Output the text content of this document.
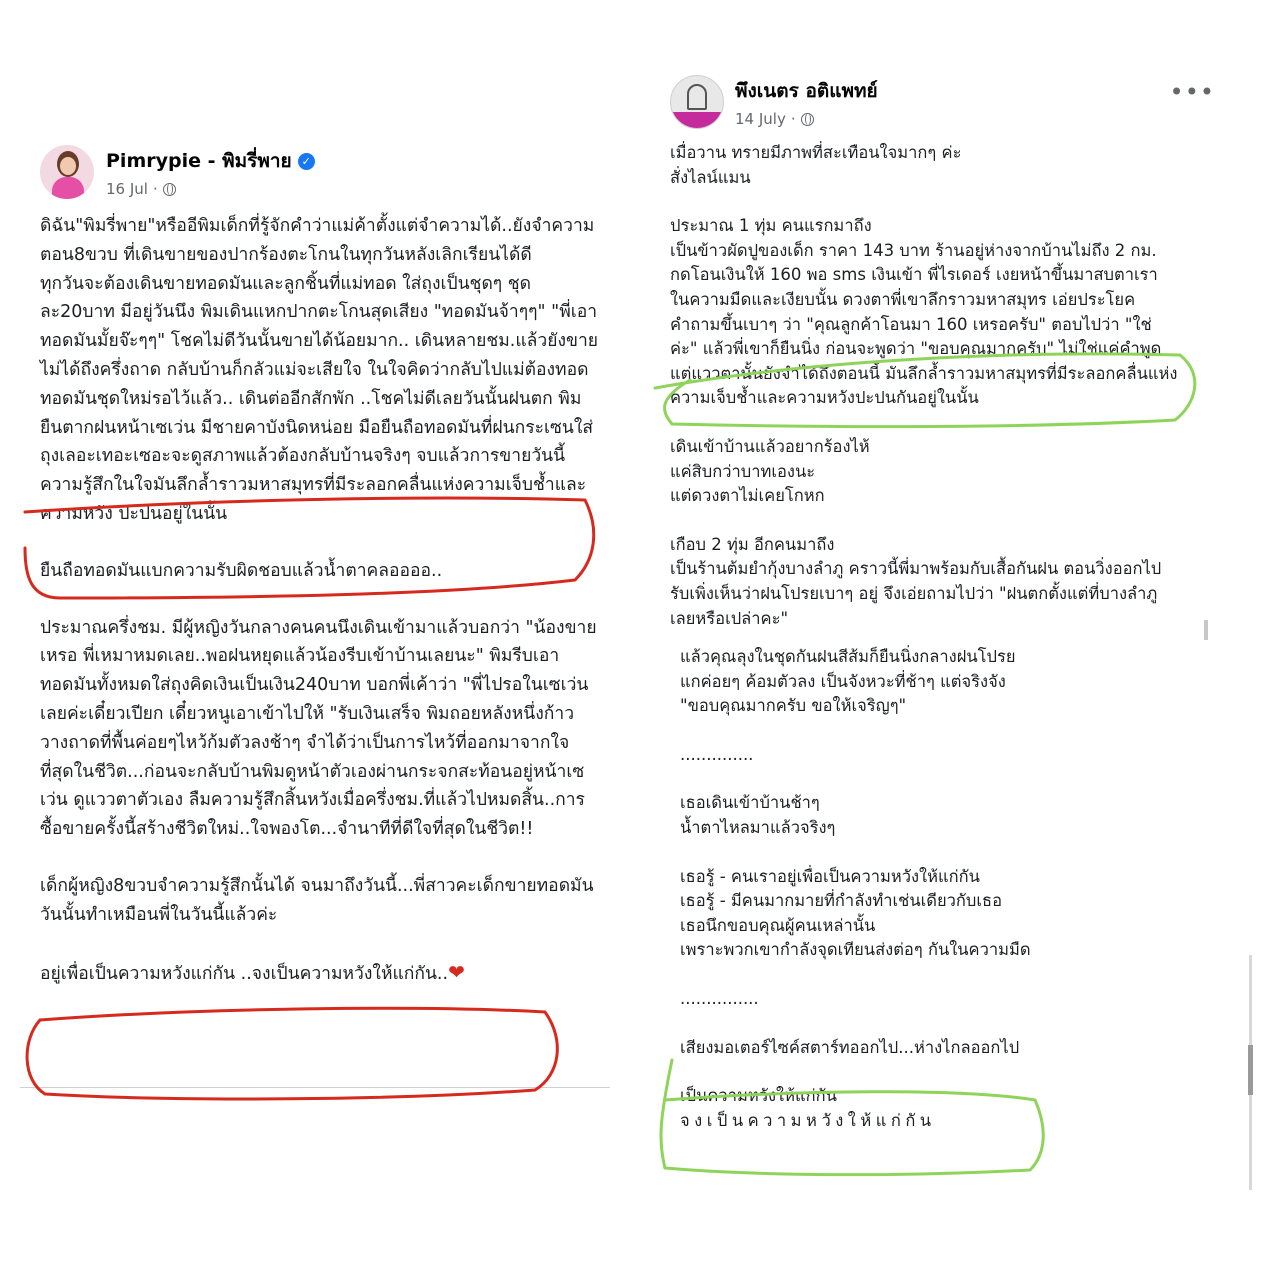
Pimrypie - พิมรี่พาย ✓
16 Jul ·

ดิฉัน"พิมรี่พาย"หรืออีพิมเด็กที่รู้จักคำว่าแม่ค้าตั้งแต่จำความได้..ยังจำความตอน8ขวบ ที่เดินขายของปากร้องตะโกนในทุกวันหลังเลิกเรียนได้ดี
ทุกวันจะต้องเดินขายทอดมันและลูกชิ้นที่แม่ทอด ใส่ถุงเป็นชุดๆ ชุดละ20บาท มีอยู่วันนึง พิมเดินแหกปากตะโกนสุดเสียง "ทอดมันจ้าๆๆ" "พี่เอาทอดมันมั้ยจ๊ะๆๆ" โชคไม่ดีวันนั้นขายได้น้อยมาก.. เดินหลายชม.แล้วยังขายไม่ได้ถึงครึ่งถาด กลับบ้านก็กลัวแม่จะเสียใจ ในใจคิดว่ากลับไปแม่ต้องทอด ทอดมันชุดใหม่รอไว้แล้ว.. เดินต่ออีกสักพัก ..โชคไม่ดีเลยวันนั้นฝนตก พิมยืนตากฝนหน้าเซเว่น มีชายคาบังนิดหน่อย มือยืนถือทอดมันที่ฝนกระเซนใส่ถุงเลอะเทอะเซอะจะดูสภาพแล้วต้องกลับบ้านจริงๆ จบแล้วการขายวันนี้ ความรู้สึกในใจมันลึกล้ำราวมหาสมุทรที่มีระลอกคลื่นแห่งความเจ็บช้ำและความหวัง ปะปนอยู่ในนั้น

ยืนถือทอดมันแบกความรับผิดชอบแล้วน้ำตาคลออออ..

ประมาณครึ่งชม. มีผู้หญิงวันกลางคนคนนึงเดินเข้ามาแล้วบอกว่า "น้องขายเหรอ พี่เหมาหมดเลย..พอฝนหยุดแล้วน้องรีบเข้าบ้านเลยนะ" พิมรีบเอาทอดมันทั้งหมดใส่ถุงคิดเงินเป็นเงิน240บาท บอกพี่เค้าว่า "พี่ไปรอในเซเว่นเลยค่ะเดี๋ยวเปียก เดี๋ยวหนูเอาเข้าไปให้ "รับเงินเสร็จ พิมถอยหลังหนึ่งก้าว วางถาดที่พื้นค่อยๆไหว้ก้มตัวลงช้าๆ จำได้ว่าเป็นการไหว้ที่ออกมาจากใจที่สุดในชีวิต...ก่อนจะกลับบ้านพิมดูหน้าตัวเองผ่านกระจกสะท้อนอยู่หน้าเซเว่น ดูแววตาตัวเอง ลืมความรู้สึกสิ้นหวังเมื่อครึ่งชม.ที่แล้วไปหมดสิ้น..การซื้อขายครั้งนี้สร้างชีวิตใหม่..ใจพองโต...จำนาทีที่ดีใจที่สุดในชีวิต!!

เด็กผู้หญิง8ขวบจำความรู้สึกนั้นได้ จนมาถึงวันนี้...พี่สาวคะเด็กขายทอดมันวันนั้นทำเหมือนพี่ในวันนี้แล้วค่ะ

อยู่เพื่อเป็นความหวังแก่กัน ..จงเป็นความหวังให้แก่กัน..❤

พึงเนตร อติแพทย์
14 July ·
•••

เมื่อวาน ทรายมีภาพที่สะเทือนใจมากๆ ค่ะ
สั่งไลน์แมน

ประมาณ 1 ทุ่ม คนแรกมาถึง
เป็นข้าวผัดปูของเด็ก ราคา 143 บาท ร้านอยู่ห่างจากบ้านไม่ถึง 2 กม.
กดโอนเงินให้ 160 พอ sms เงินเข้า พี่ไรเดอร์ เงยหน้าขึ้นมาสบตาเรา
ในความมืดและเงียบนั้น ดวงตาพี่เขาลึกราวมหาสมุทร เอ่ยประโยค
คำถามขึ้นเบาๆ ว่า "คุณลูกค้าโอนมา 160 เหรอครับ" ตอบไปว่า "ใช่
ค่ะ" แล้วพี่เขาก็ยืนนิ่ง ก่อนจะพูดว่า "ขอบคุณมากครับ" ไม่ใช่แค่คำพูด
แต่แววตานั้นยังจำได้ถึงตอนนี้ มันลึกล้ำราวมหาสมุทรที่มีระลอกคลื่นแห่ง
ความเจ็บช้ำและความหวังปะปนกันอยู่ในนั้น

เดินเข้าบ้านแล้วอยากร้องไห้
แค่สิบกว่าบาทเองนะ
แต่ดวงตาไม่เคยโกหก

เกือบ 2 ทุ่ม อีกคนมาถึง
เป็นร้านต้มยำกุ้งบางลำภู คราวนี้พี่มาพร้อมกับเสื้อกันฝน ตอนวิ่งออกไป
รับเพิ่งเห็นว่าฝนโปรยเบาๆ อยู่ จึงเอ่ยถามไปว่า "ฝนตกตั้งแต่ที่บางลำภู
เลยหรือเปล่าคะ"

แล้วคุณลุงในชุดกันฝนสีส้มก็ยืนนิ่งกลางฝนโปรย
แกค่อยๆ ค้อมตัวลง เป็นจังหวะที่ช้าๆ แต่จริงจัง
"ขอบคุณมากครับ ขอให้เจริญๆ"

..............

เธอเดินเข้าบ้านช้าๆ
น้ำตาไหลมาแล้วจริงๆ

เธอรู้ - คนเราอยู่เพื่อเป็นความหวังให้แก่กัน
เธอรู้ - มีคนมากมายที่กำลังทำเช่นเดียวกับเธอ
เธอนึกขอบคุณผู้คนเหล่านั้น
เพราะพวกเขากำลังจุดเทียนส่งต่อๆ กันในความมืด

...............

เสียงมอเตอร์ไซค์สตาร์ทออกไป...ห่างไกลออกไป

เป็นความหวังให้แก่กัน

จงเป็นความหวังให้แก่กัน
